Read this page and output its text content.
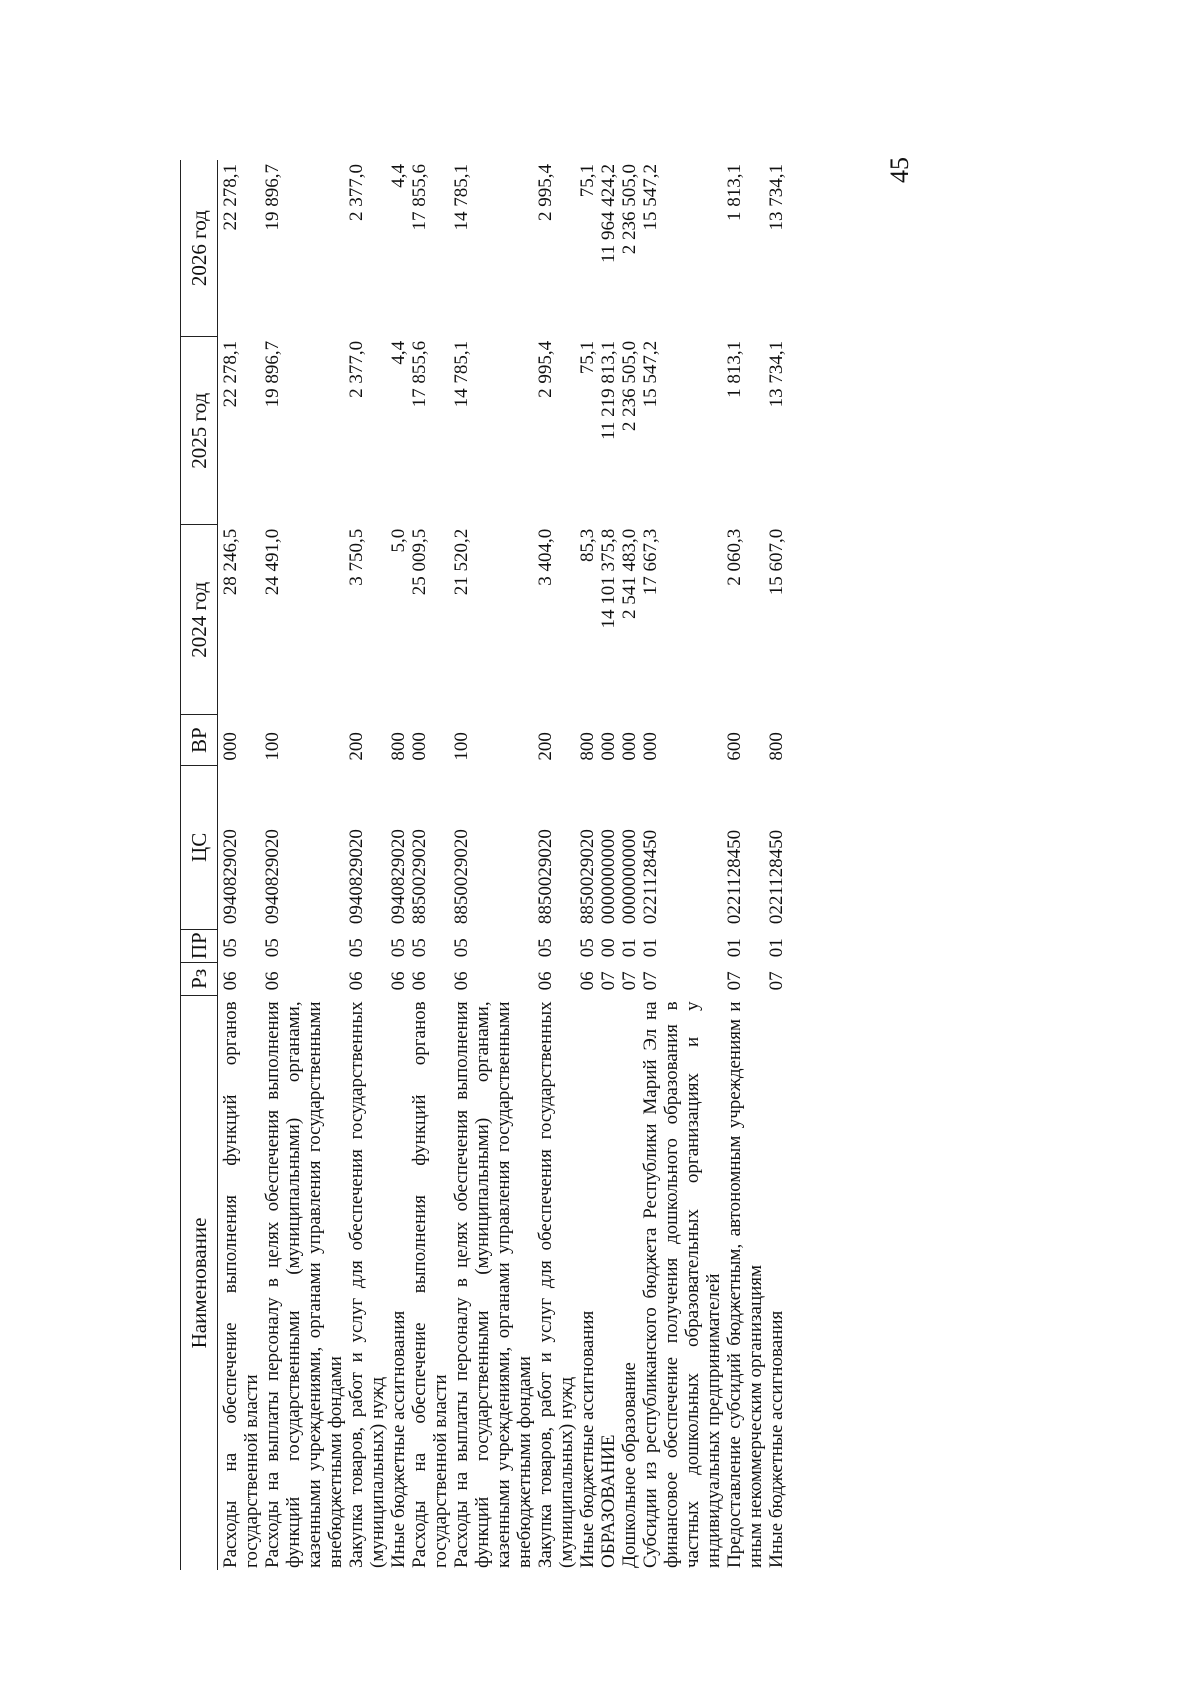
45
Наименование	Рз	ПР	ЦС	ВР	2024 год	2025 год	2026 год
Расходы на обеспечение выполнения функций органов государственной власти	06	05	0940829020	000	28 246,5	22 278,1	22 278,1
Расходы на выплаты персоналу в целях обеспечения выполнения функций государственными (муниципальными) органами, казенными учреждениями, органами управления государственными внебюджетными фондами	06	05	0940829020	100	24 491,0	19 896,7	19 896,7
Закупка товаров, работ и услуг для обеспечения государственных (муниципальных) нужд	06	05	0940829020	200	3 750,5	2 377,0	2 377,0
Иные бюджетные ассигнования	06	05	0940829020	800	5,0	4,4	4,4
Расходы на обеспечение выполнения функций органов государственной власти	06	05	8850029020	000	25 009,5	17 855,6	17 855,6
Расходы на выплаты персоналу в целях обеспечения выполнения функций государственными (муниципальными) органами, казенными учреждениями, органами управления государственными внебюджетными фондами	06	05	8850029020	100	21 520,2	14 785,1	14 785,1
Закупка товаров, работ и услуг для обеспечения государственных (муниципальных) нужд	06	05	8850029020	200	3 404,0	2 995,4	2 995,4
Иные бюджетные ассигнования	06	05	8850029020	800	85,3	75,1	75,1
ОБРАЗОВАНИЕ	07	00	0000000000	000	14 101 375,8	11 219 813,1	11 964 424,2
Дошкольное образование	07	01	0000000000	000	2 541 483,0	2 236 505,0	2 236 505,0
Субсидии из республиканского бюджета Республики Марий Эл на финансовое обеспечение получения дошкольного образования в частных дошкольных образовательных организациях и у индивидуальных предпринимателей	07	01	0221128450	000	17 667,3	15 547,2	15 547,2
Предоставление субсидий бюджетным, автономным учреждениям и иным некоммерческим организациям	07	01	0221128450	600	2 060,3	1 813,1	1 813,1
Иные бюджетные ассигнования	07	01	0221128450	800	15 607,0	13 734,1	13 734,1
